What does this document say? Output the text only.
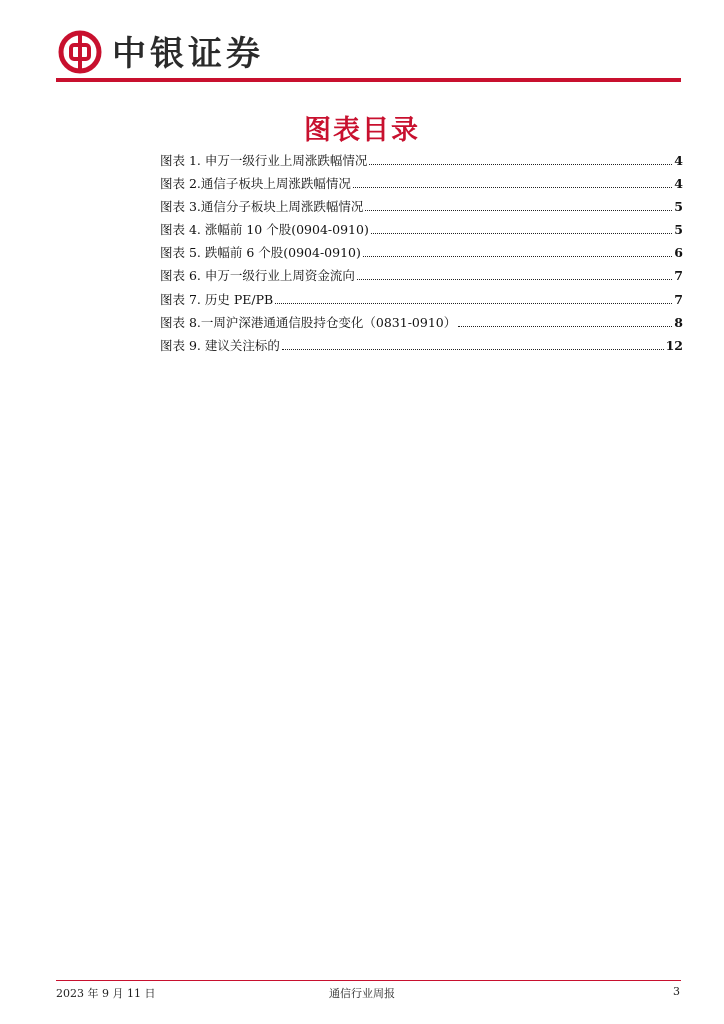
中银证券
图表目录
图表 1. 申万一级行业上周涨跌幅情况	4
图表 2.通信子板块上周涨跌幅情况	4
图表 3.通信分子板块上周涨跌幅情况	5
图表 4. 涨幅前 10 个股(0904-0910)	5
图表 5. 跌幅前 6 个股(0904-0910)	6
图表 6. 申万一级行业上周资金流向	7
图表 7. 历史 PE/PB	7
图表 8.一周沪深港通通信股持仓变化（0831-0910）	8
图表 9. 建议关注标的	12
2023 年 9 月 11 日	通信行业周报	3
